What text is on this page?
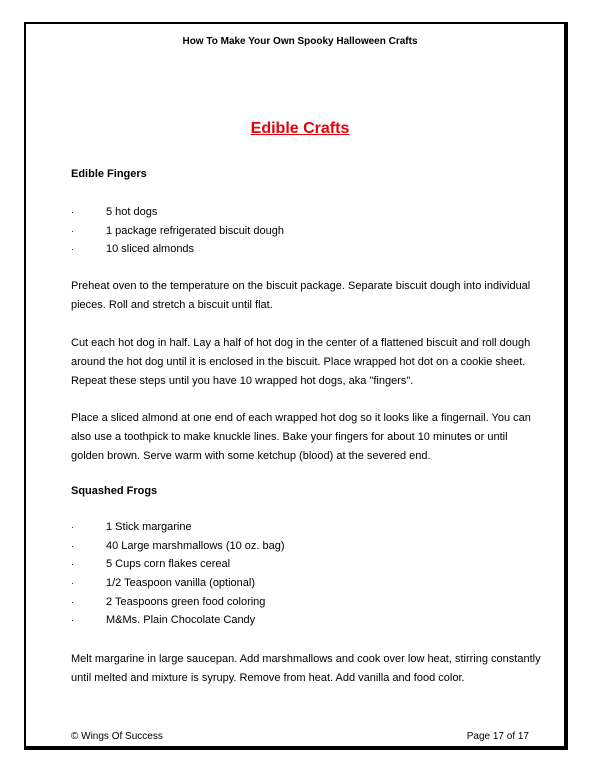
How To Make Your Own Spooky Halloween Crafts
Edible Crafts
Edible Fingers
·	5 hot dogs
·	1 package refrigerated biscuit dough
·	10 sliced almonds

Preheat oven to the temperature on the biscuit package. Separate biscuit dough into individual pieces. Roll and stretch a biscuit until flat.

Cut each hot dog in half. Lay a half of hot dog in the center of a flattened biscuit and roll dough around the hot dog until it is enclosed in the biscuit. Place wrapped hot dot on a cookie sheet. Repeat these steps until you have 10 wrapped hot dogs, aka "fingers".

Place a sliced almond at one end of each wrapped hot dog so it looks like a fingernail. You can also use a toothpick to make knuckle lines. Bake your fingers for about 10 minutes or until golden brown. Serve warm with some ketchup (blood) at the severed end.

Squashed Frogs
·	1 Stick margarine
·	40 Large marshmallows (10 oz. bag)
·	5 Cups corn flakes cereal
·	1/2 Teaspoon vanilla (optional)
·	2 Teaspoons green food coloring
·	M&Ms. Plain Chocolate Candy

Melt margarine in large saucepan. Add marshmallows and cook over low heat, stirring constantly until melted and mixture is syrupy. Remove from heat. Add vanilla and food color.

© Wings Of Success	Page 17 of 17
